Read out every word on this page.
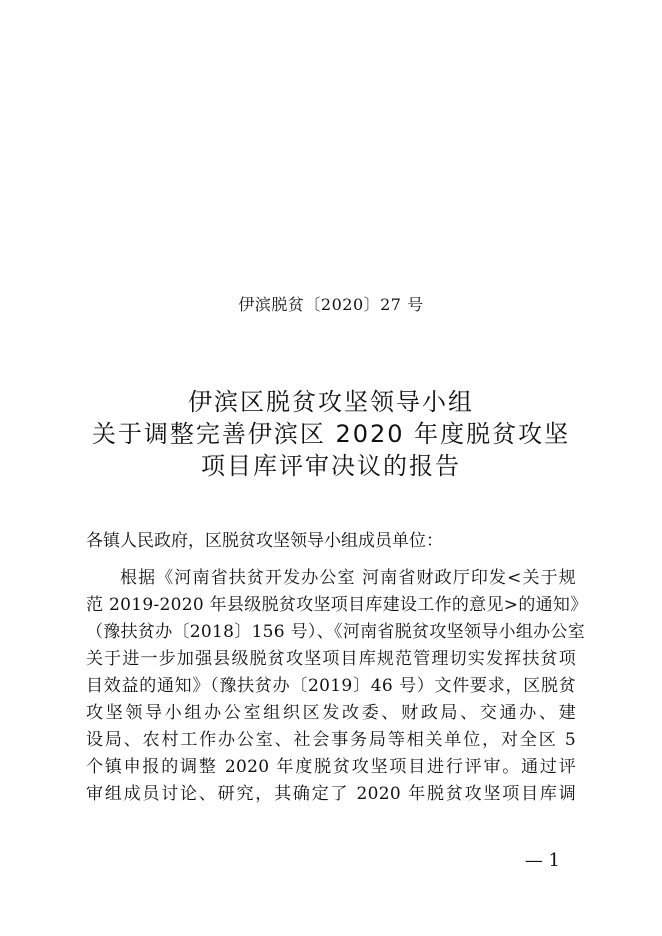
伊滨脱贫〔2020〕27 号
伊滨区脱贫攻坚领导小组
关于调整完善伊滨区 2020 年度脱贫攻坚
项目库评审决议的报告
各镇人民政府，区脱贫攻坚领导小组成员单位：
根据《河南省扶贫开发办公室 河南省财政厅印发<关于规
范 2019-2020 年县级脱贫攻坚项目库建设工作的意见>的通知》
（豫扶贫办〔2018〕156 号）、《河南省脱贫攻坚领导小组办公室
关于进一步加强县级脱贫攻坚项目库规范管理切实发挥扶贫项
目效益的通知》（豫扶贫办〔2019〕46 号）文件要求，区脱贫
攻坚领导小组办公室组织区发改委、财政局、交通办、建
设局、农村工作办公室、社会事务局等相关单位，对全区 5
个镇申报的调整 2020 年度脱贫攻坚项目进行评审。通过评
审组成员讨论、研究，其确定了 2020 年脱贫攻坚项目库调
— 1
